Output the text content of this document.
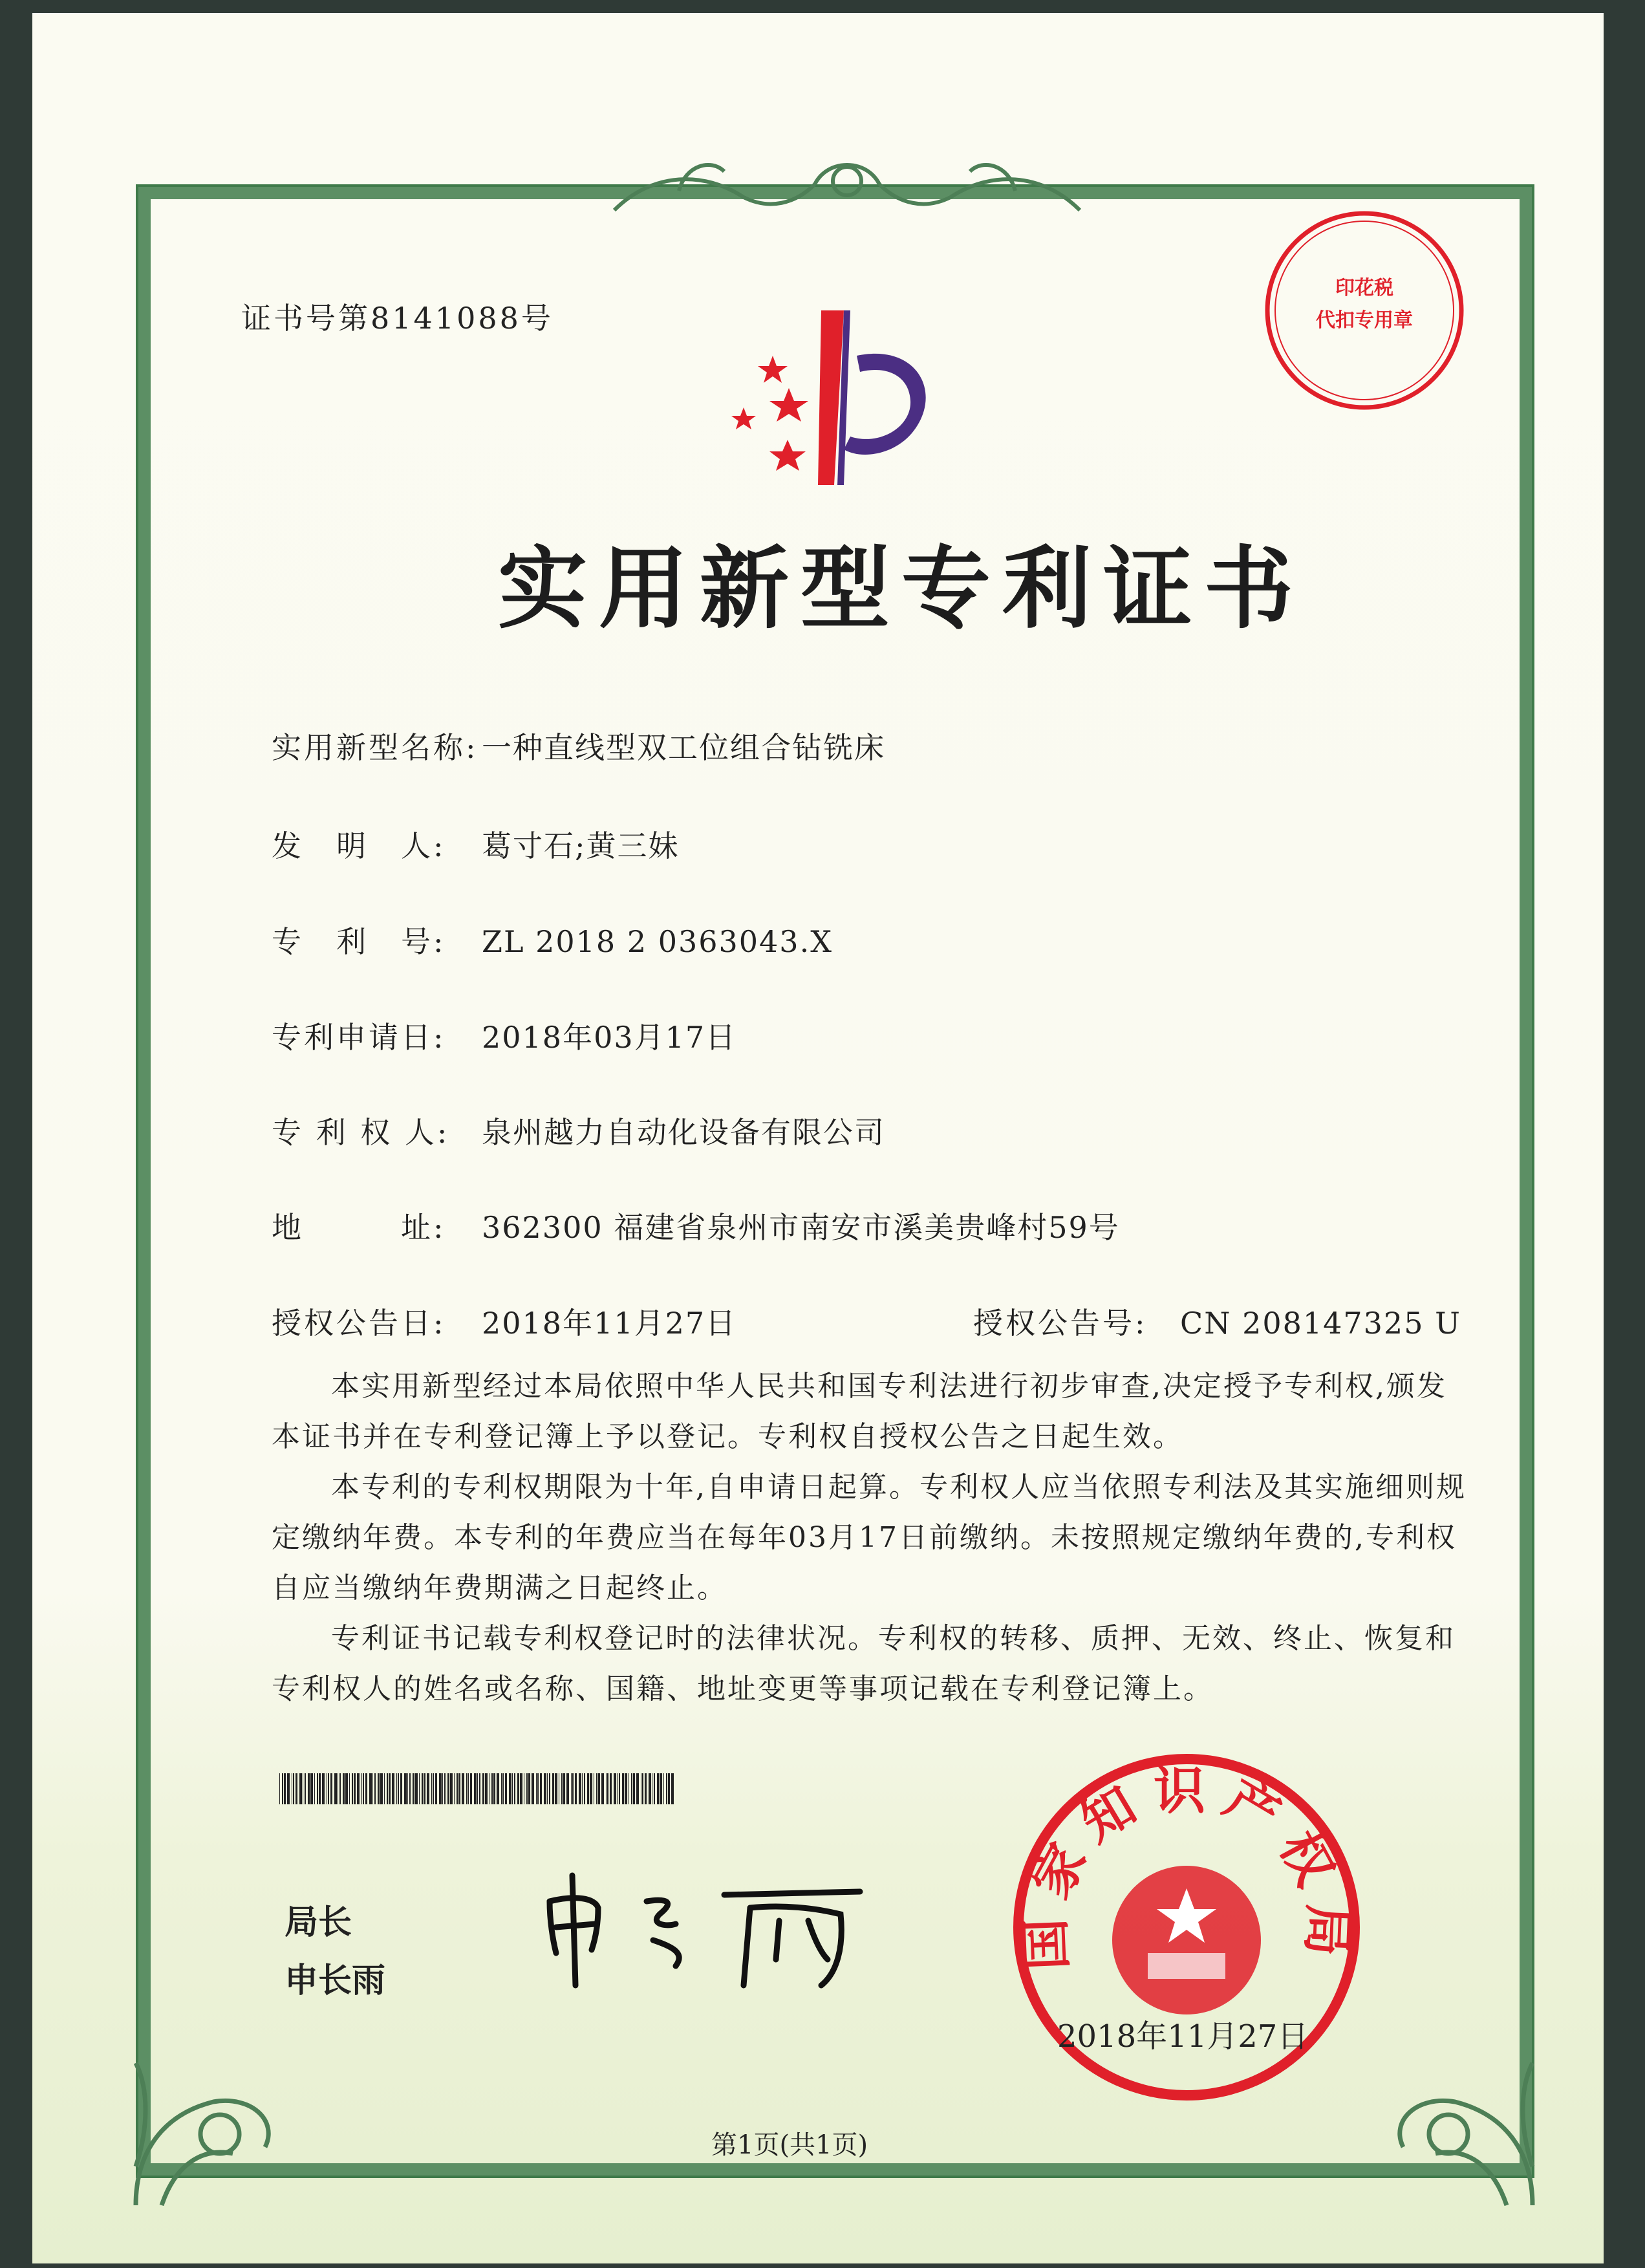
印花税
代扣专用章
证书号第8141088号
实用新型专利证书
实用新型名称: 一种直线型双工位组合钻铣床
发　明　人: 葛寸石;黄三妹
专　利　号: ZL 2018 2 0363043.X
专利申请日: 2018年03月17日
专 利 权 人: 泉州越力自动化设备有限公司
地　　　址: 362300 福建省泉州市南安市溪美贵峰村59号
授权公告日: 2018年11月27日	授权公告号: CN 208147325 U

本实用新型经过本局依照中华人民共和国专利法进行初步审查,决定授予专利权,颁发本证书并在专利登记簿上予以登记。专利权自授权公告之日起生效。

本专利的专利权期限为十年,自申请日起算。专利权人应当依照专利法及其实施细则规定缴纳年费。本专利的年费应当在每年03月17日前缴纳。未按照规定缴纳年费的,专利权自应当缴纳年费期满之日起终止。

专利证书记载专利权登记时的法律状况。专利权的转移、质押、无效、终止、恢复和专利权人的姓名或名称、国籍、地址变更等事项记载在专利登记簿上。

局长
申长雨
国家知识产权局
2018年11月27日
第1页(共1页)
